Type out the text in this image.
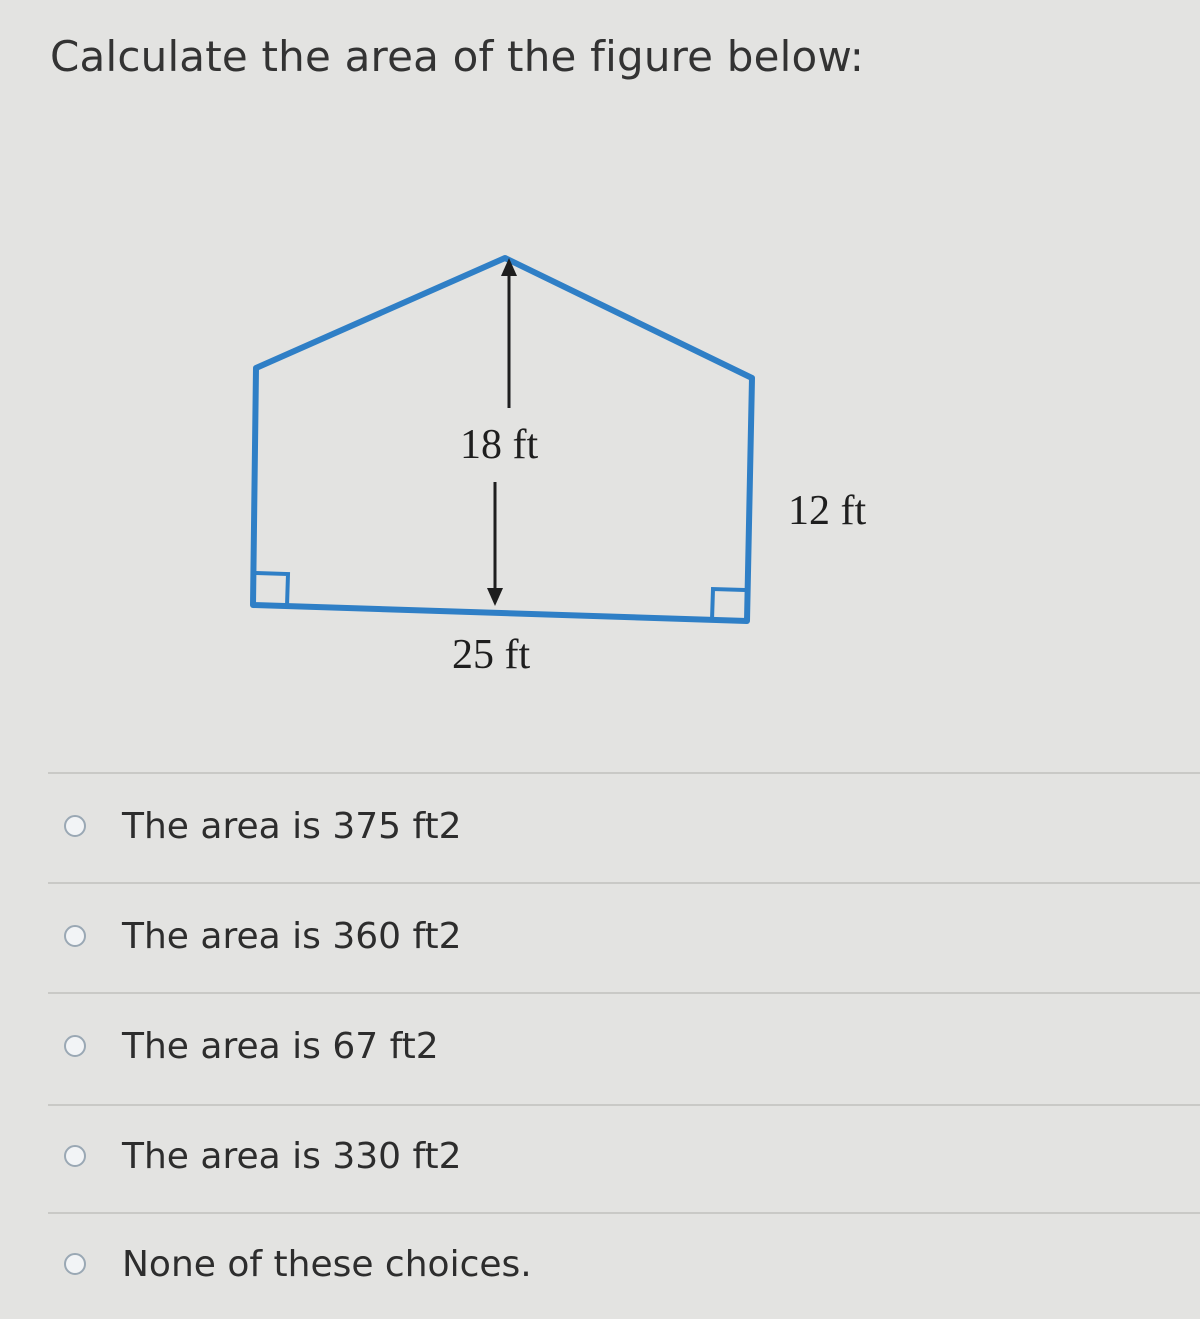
Calculate the area of the figure below:
18 ft
12 ft
25 ft
The area is 375 ft2
The area is 360 ft2
The area is 67 ft2
The area is 330 ft2
None of these choices.
